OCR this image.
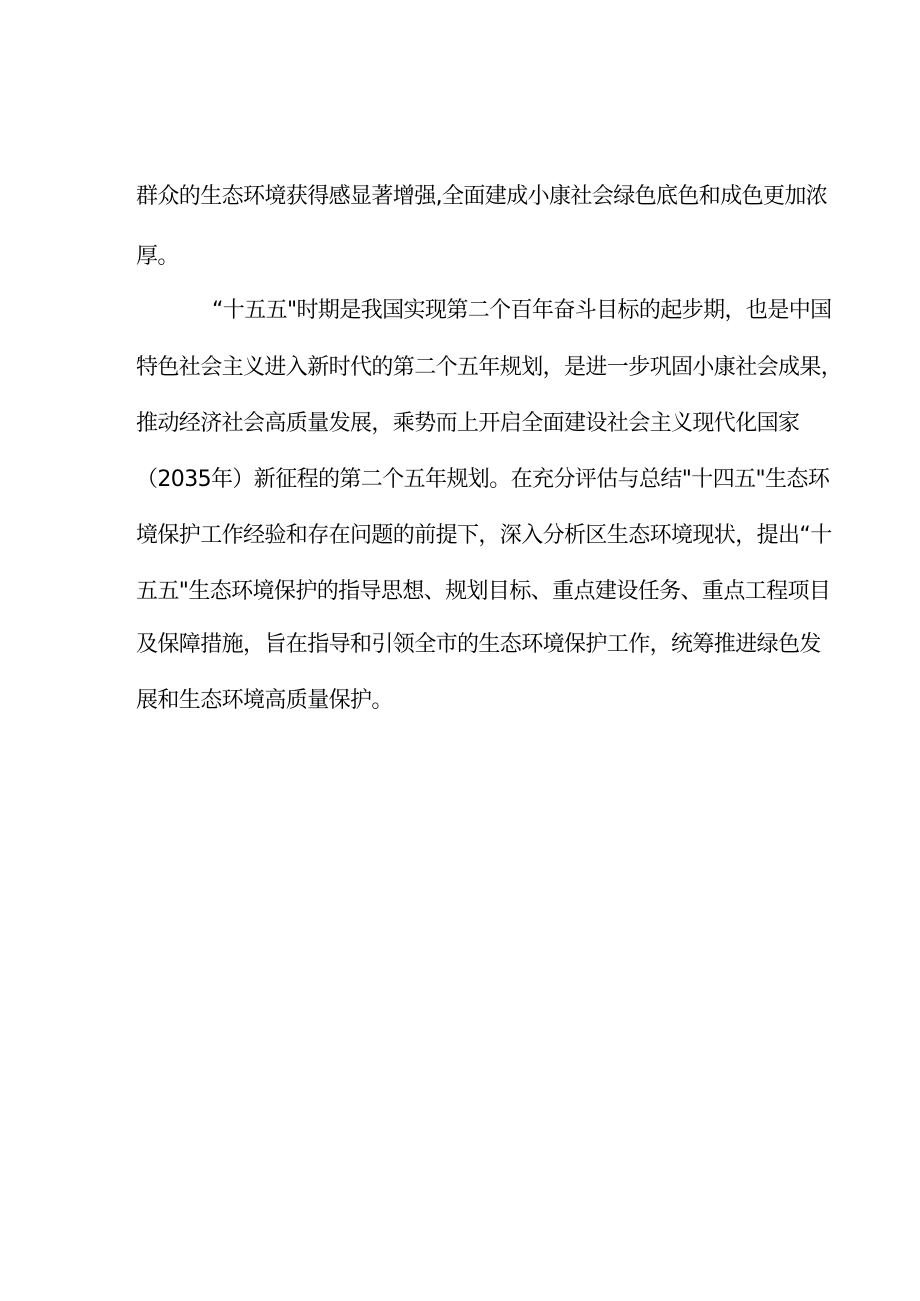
群众的生态环境获得感显著增强,全面建成小康社会绿色底色和成色更加浓
厚。
“十五五"时期是我国实现第二个百年奋斗目标的起步期，也是中国
特色社会主义进入新时代的第二个五年规划，是进一步巩固小康社会成果，
推动经济社会高质量发展，乘势而上开启全面建设社会主义现代化国家
（2035年）新征程的第二个五年规划。在充分评估与总结"十四五"生态环
境保护工作经验和存在问题的前提下，深入分析区生态环境现状，提出“十
五五"生态环境保护的指导思想、规划目标、重点建设任务、重点工程项目
及保障措施，旨在指导和引领全市的生态环境保护工作，统筹推进绿色发
展和生态环境高质量保护。
